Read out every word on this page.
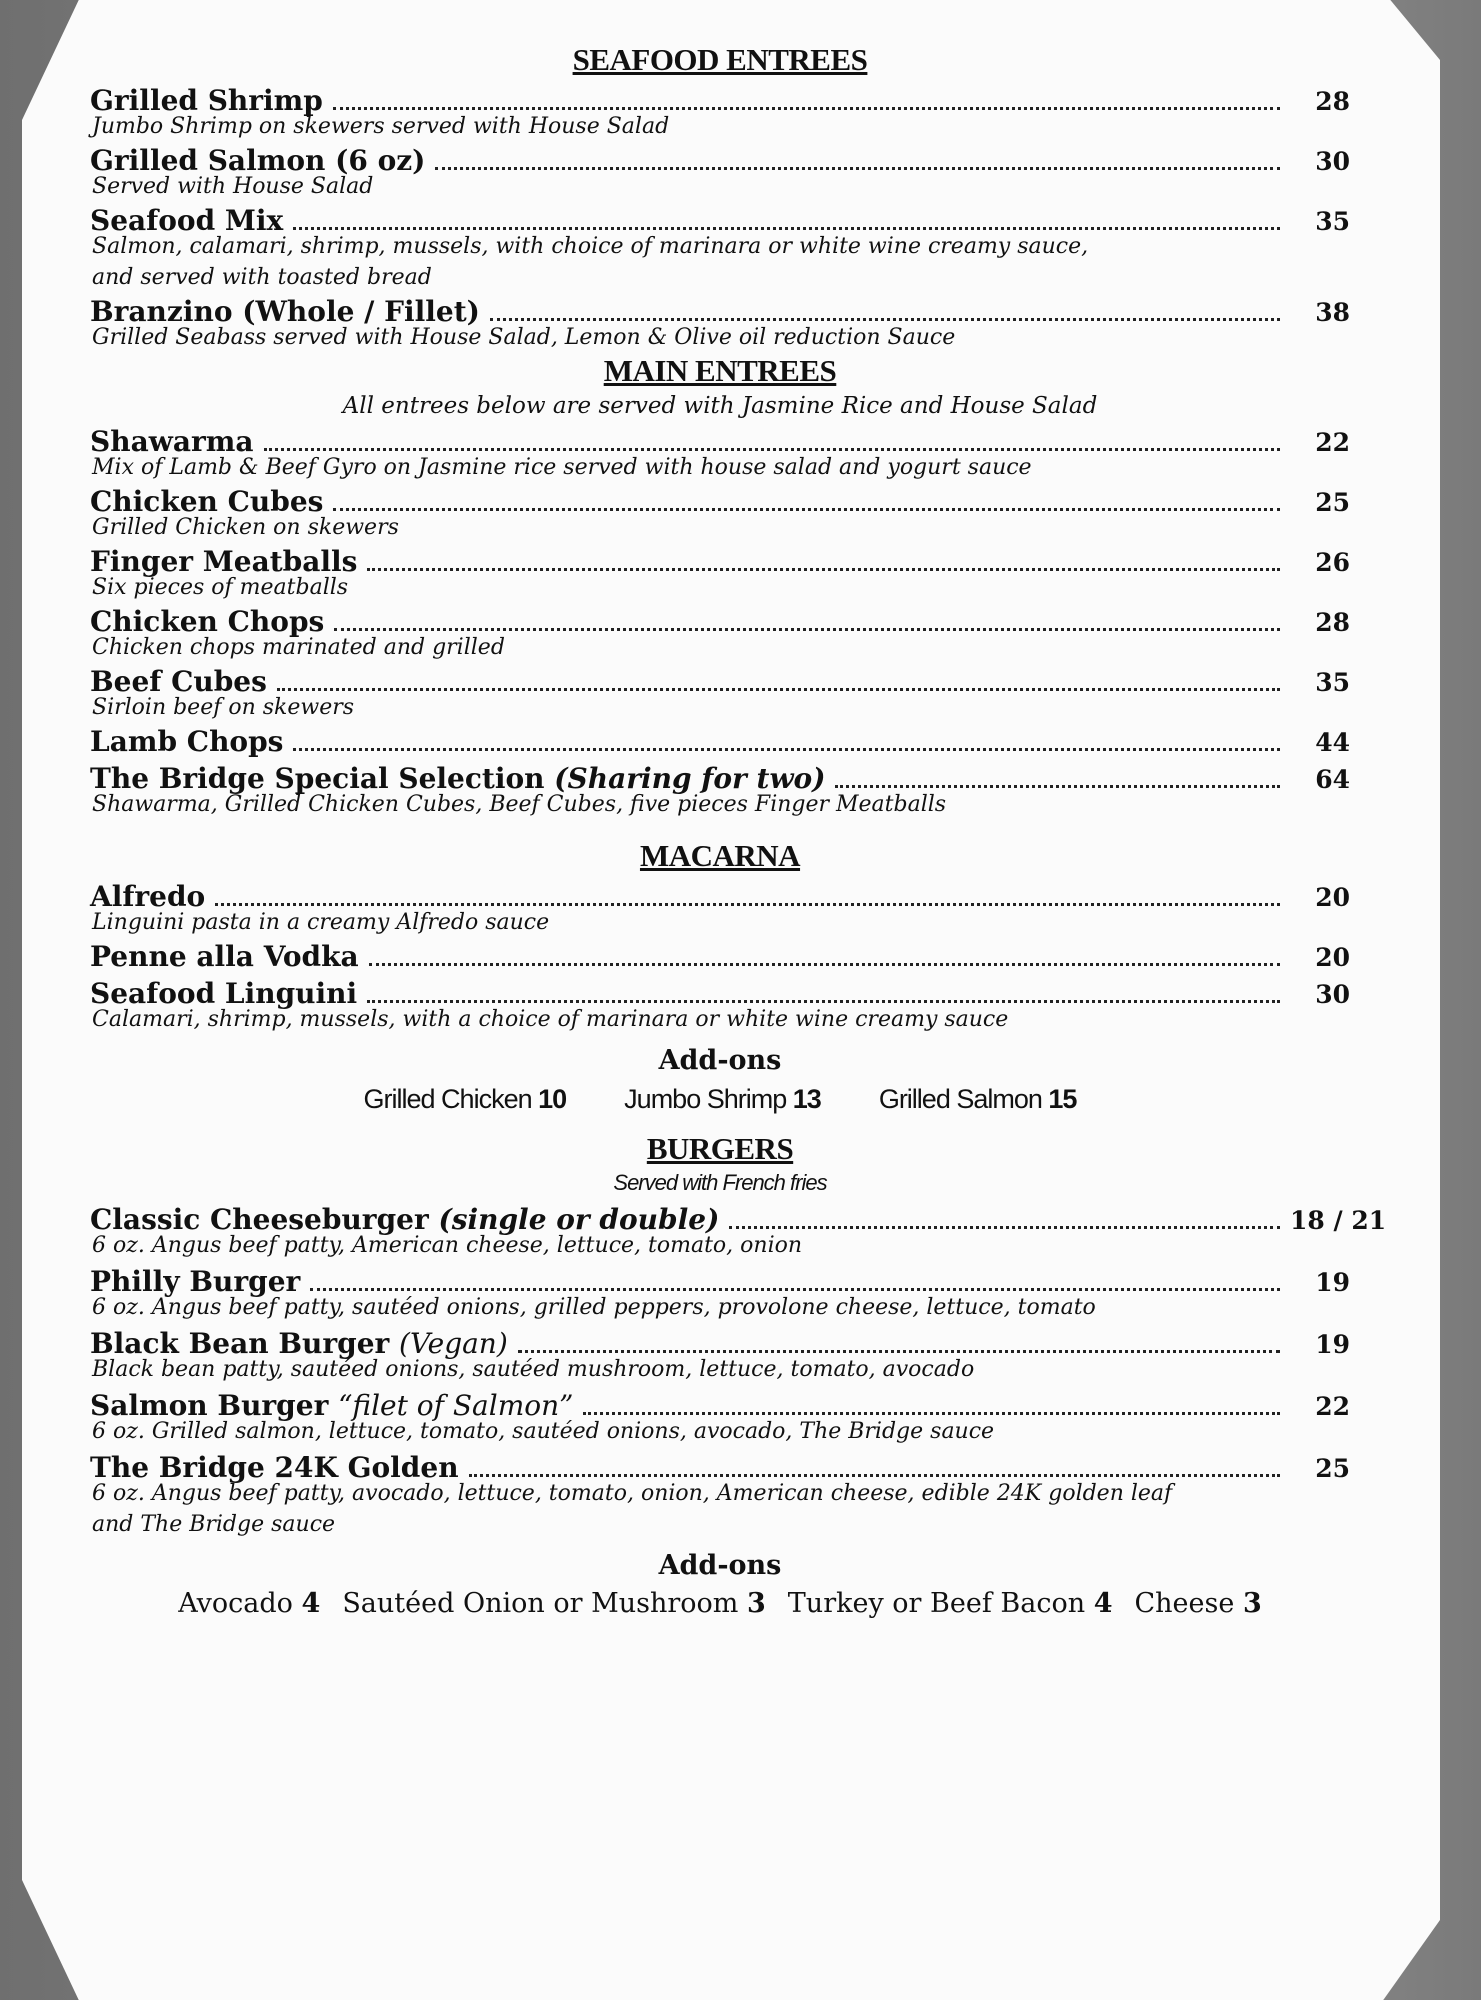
SEAFOOD ENTREES
Grilled Shrimp	28
Jumbo Shrimp on skewers served with House Salad
Grilled Salmon (6 oz)	30
Served with House Salad
Seafood Mix	35
Salmon, calamari, shrimp, mussels, with choice of marinara or white wine creamy sauce,
and served with toasted bread
Branzino (Whole / Fillet)	38
Grilled Seabass served with House Salad, Lemon & Olive oil reduction Sauce
MAIN ENTREES

All entrees below are served with Jasmine Rice and House Salad

Shawarma	22
Mix of Lamb & Beef Gyro on Jasmine rice served with house salad and yogurt sauce
Chicken Cubes	25
Grilled Chicken on skewers
Finger Meatballs	26
Six pieces of meatballs
Chicken Chops	28
Chicken chops marinated and grilled
Beef Cubes	35
Sirloin beef on skewers
Lamb Chops	44
The Bridge Special Selection (Sharing for two)	64
Shawarma, Grilled Chicken Cubes, Beef Cubes, five pieces Finger Meatballs
MACARNA
Alfredo	20
Linguini pasta in a creamy Alfredo sauce
Penne alla Vodka	20
Seafood Linguini	30
Calamari, shrimp, mussels, with a choice of marinara or white wine creamy sauce

Add-ons

Grilled Chicken 10 Jumbo Shrimp 13 Grilled Salmon 15
BURGERS

Served with French fries

Classic Cheeseburger (single or double)	18 / 21
6 oz. Angus beef patty, American cheese, lettuce, tomato, onion
Philly Burger	19
6 oz. Angus beef patty, sautéed onions, grilled peppers, provolone cheese, lettuce, tomato
Black Bean Burger (Vegan)	19
Black bean patty, sautéed onions, sautéed mushroom, lettuce, tomato, avocado
Salmon Burger “filet of Salmon”	22
6 oz. Grilled salmon, lettuce, tomato, sautéed onions, avocado, The Bridge sauce
The Bridge 24K Golden	25
6 oz. Angus beef patty, avocado, lettuce, tomato, onion, American cheese, edible 24K golden leaf
and The Bridge sauce

Add-ons

Avocado 4 Sautéed Onion or Mushroom 3 Turkey or Beef Bacon 4 Cheese 3
